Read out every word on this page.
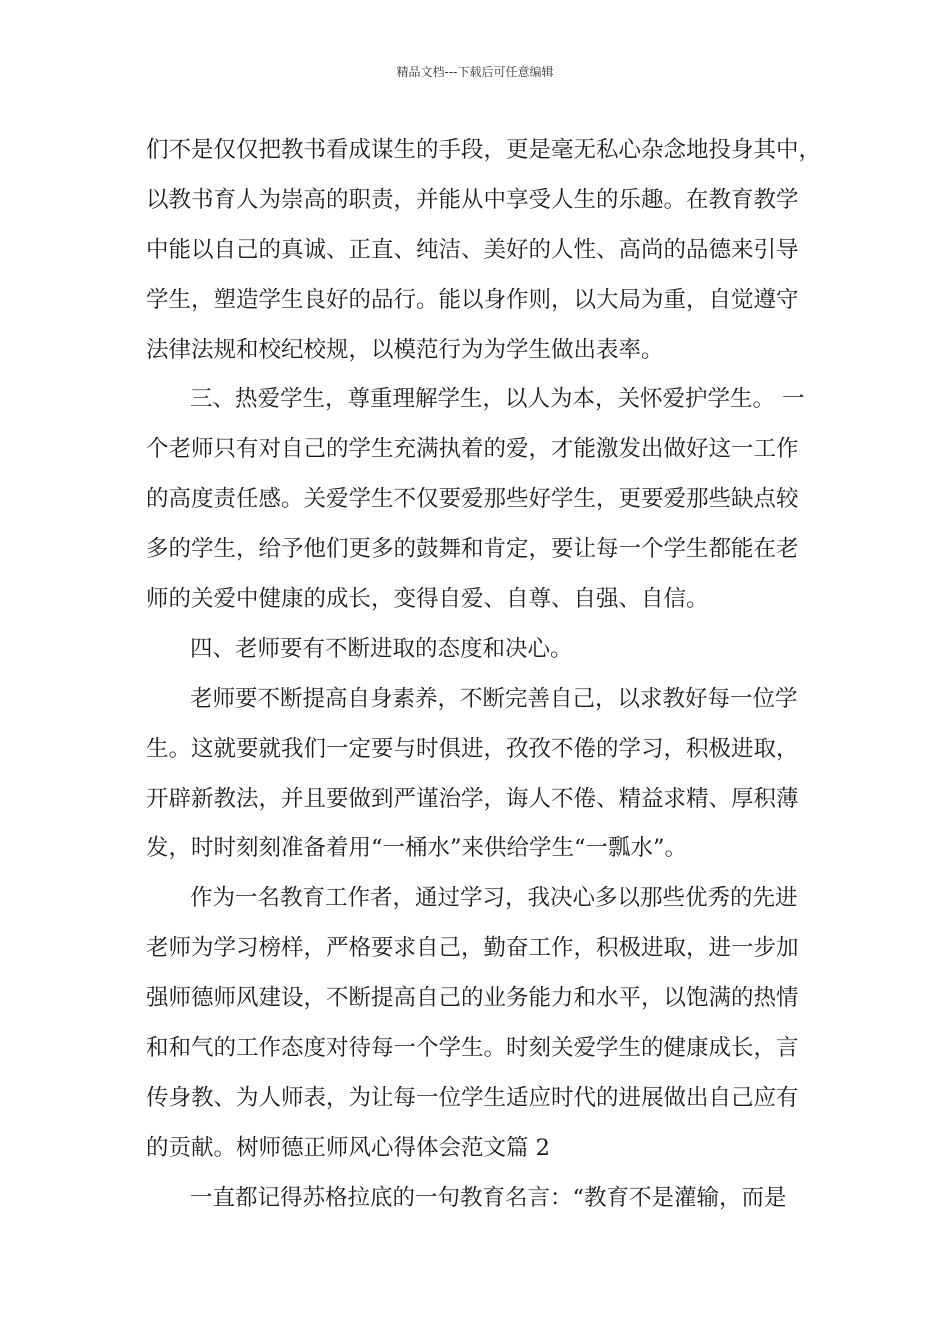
精品文档---下载后可任意编辑
们不是仅仅把教书看成谋生的手段，更是毫无私心杂念地投身其中，
以教书育人为崇高的职责，并能从中享受人生的乐趣。在教育教学
中能以自己的真诚、正直、纯洁、美好的人性、高尚的品德来引导
学生，塑造学生良好的品行。能以身作则，以大局为重，自觉遵守
法律法规和校纪校规，以模范行为为学生做出表率。
三、热爱学生，尊重理解学生，以人为本，关怀爱护学生。 一
个老师只有对自己的学生充满执着的爱，才能激发出做好这一工作
的高度责任感。关爱学生不仅要爱那些好学生，更要爱那些缺点较
多的学生，给予他们更多的鼓舞和肯定，要让每一个学生都能在老
师的关爱中健康的成长，变得自爱、自尊、自强、自信。
四、老师要有不断进取的态度和决心。
老师要不断提高自身素养，不断完善自己，以求教好每一位学
生。这就要就我们一定要与时俱进，孜孜不倦的学习，积极进取，
开辟新教法，并且要做到严谨治学，诲人不倦、精益求精、厚积薄
发，时时刻刻准备着用“一桶水”来供给学生“一瓢水”。
作为一名教育工作者，通过学习，我决心多以那些优秀的先进
老师为学习榜样，严格要求自己，勤奋工作，积极进取，进一步加
强师德师风建设，不断提高自己的业务能力和水平，以饱满的热情
和和气的工作态度对待每一个学生。时刻关爱学生的健康成长，言
传身教、为人师表，为让每一位学生适应时代的进展做出自己应有
的贡献。树师德正师风心得体会范文篇 2
一直都记得苏格拉底的一句教育名言：“教育不是灌输，而是
